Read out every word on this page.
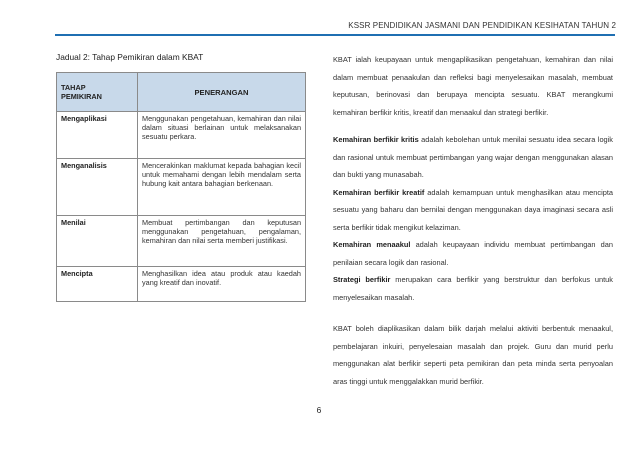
KSSR PENDIDIKAN JASMANI DAN PENDIDIKAN KESIHATAN TAHUN 2
Jadual 2: Tahap Pemikiran dalam KBAT
TAHAP
PEMIKIRAN	PENERANGAN
Mengaplikasi	Menggunakan pengetahuan, kemahiran dan nilai dalam situasi berlainan untuk melaksanakan sesuatu perkara.
Menganalisis	Mencerakinkan maklumat kepada bahagian kecil untuk memahami dengan lebih mendalam serta hubung kait antara bahagian berkenaan.
Menilai	Membuat pertimbangan dan keputusan menggunakan pengetahuan, pengalaman, kemahiran dan nilai serta memberi justifikasi.
Mencipta	Menghasilkan idea atau produk atau kaedah yang kreatif dan inovatif.

KBAT ialah keupayaan untuk mengaplikasikan pengetahuan, kemahiran dan nilai dalam membuat penaakulan dan refleksi bagi menyelesaikan masalah, membuat keputusan, berinovasi dan berupaya mencipta sesuatu. KBAT merangkumi kemahiran berfikir kritis, kreatif dan menaakul dan strategi berfikir.

Kemahiran berfikir kritis adalah kebolehan untuk menilai sesuatu idea secara logik dan rasional untuk membuat pertimbangan yang wajar dengan menggunakan alasan dan bukti yang munasabah.

Kemahiran berfikir kreatif adalah kemampuan untuk menghasilkan atau mencipta sesuatu yang baharu dan bernilai dengan menggunakan daya imaginasi secara asli serta berfikir tidak mengikut kelaziman.

Kemahiran menaakul adalah keupayaan individu membuat pertimbangan dan penilaian secara logik dan rasional.

Strategi berfikir merupakan cara berfikir yang berstruktur dan berfokus untuk menyelesaikan masalah.

KBAT boleh diaplikasikan dalam bilik darjah melalui aktiviti berbentuk menaakul, pembelajaran inkuiri, penyelesaian masalah dan projek. Guru dan murid perlu menggunakan alat berfikir seperti peta pemikiran dan peta minda serta penyoalan aras tinggi untuk menggalakkan murid berfikir.

6
